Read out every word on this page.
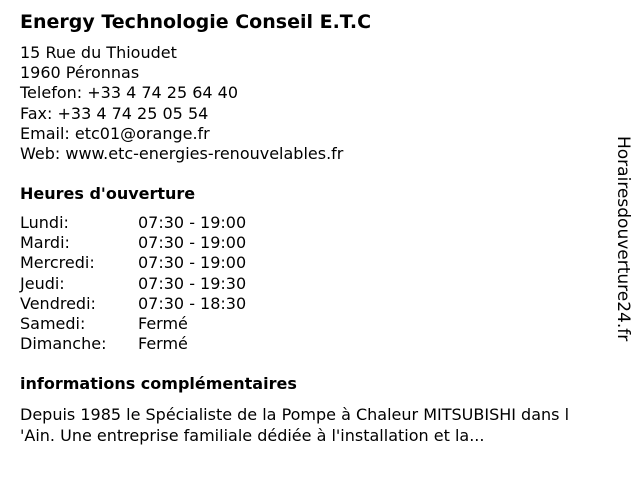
Energy Technologie Conseil E.T.C
15 Rue du Thioudet
1960 Péronnas
Telefon: +33 4 74 25 64 40
Fax: +33 4 74 25 05 54
Email: etc01@orange.fr
Web: www.etc-energies-renouvelables.fr
Heures d'ouverture
Lundi:	07:30 - 19:00
Mardi:	07:30 - 19:00
Mercredi:	07:30 - 19:00
Jeudi:	07:30 - 19:30
Vendredi:	07:30 - 18:30
Samedi:	Fermé
Dimanche:	Fermé
informations complémentaires
Depuis 1985 le Spécialiste de la Pompe à Chaleur MITSUBISHI dans l
'Ain. Une entreprise familiale dédiée à l'installation et la...
Horairesdouverture24.fr
